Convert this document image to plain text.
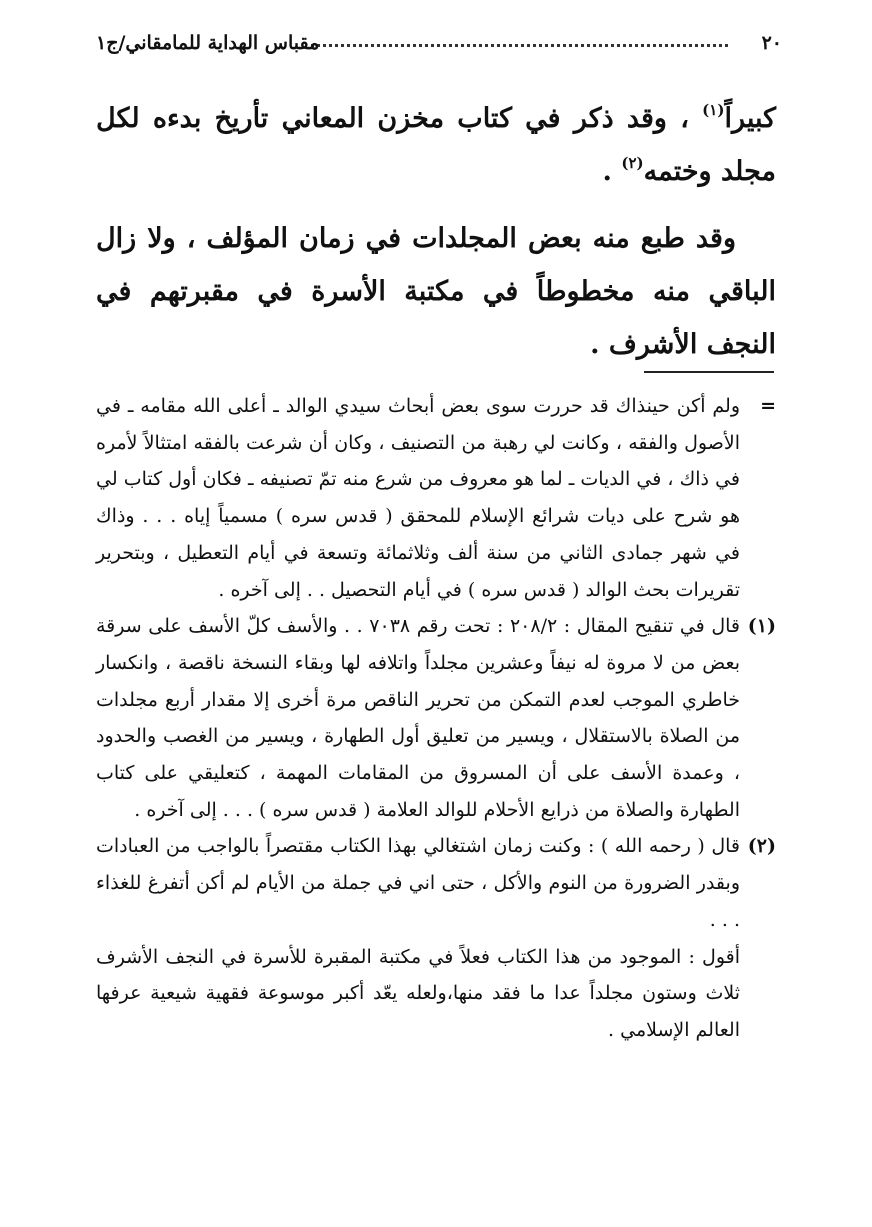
٢٠
مقباس الهداية للمامقاني/ج١

كبيراً$^{(١)}$ ، وقد ذكر في كتاب مخزن المعاني تأريخ بدءه لكل مجلد وختمه$^{(٢)}$ .

وقد طبع منه بعض المجلدات في زمان المؤلف ، ولا زال الباقي منه مخطوطاً في مكتبة الأسرة في مقبرتهم في النجف الأشرف .

=

ولم أكن حينذاك قد حررت سوى بعض أبحاث سيدي الوالد ـ أعلى الله مقامه ـ في الأصول والفقه ، وكانت لي رهبة من التصنيف ، وكان أن شرعت بالفقه امتثالاً لأمره في ذاك ، في الديات ـ لما هو معروف من شرع منه تمّ تصنيفه ـ فكان أول كتاب لي هو شرح على ديات شرائع الإسلام للمحقق ( قدس سره ) مسمياً إياه . . . وذاك في شهر جمادى الثاني من سنة ألف وثلاثمائة وتسعة في أيام التعطيل ، وبتحرير تقريرات بحث الوالد ( قدس سره ) في أيام التحصيل . . إلى آخره .

(١)

قال في تنقيح المقال : ٢٠٨/٢ : تحت رقم ٧٠٣٨ . . والأسف كلّ الأسف على سرقة بعض من لا مروة له نيفاً وعشرين مجلداً واتلافه لها وبقاء النسخة ناقصة ، وانكسار خاطري الموجب لعدم التمكن من تحرير الناقص مرة أخرى إلا مقدار أربع مجلدات من الصلاة بالاستقلال ، ويسير من تعليق أول الطهارة ، ويسير من الغصب والحدود ، وعمدة الأسف على أن المسروق من المقامات المهمة ، كتعليقي على كتاب الطهارة والصلاة من ذرايع الأحلام للوالد العلامة ( قدس سره ) . . . إلى آخره .

(٢)

قال ( رحمه الله ) : وكنت زمان اشتغالي بهذا الكتاب مقتصراً بالواجب من العبادات وبقدر الضرورة من النوم والأكل ، حتى اني في جملة من الأيام لم أكن أتفرغ للغذاء . . .

أقول : الموجود من هذا الكتاب فعلاً في مكتبة المقبرة للأسرة في النجف الأشرف ثلاث وستون مجلداً عدا ما فقد منها،ولعله يعّد أكبر موسوعة فقهية شيعية عرفها العالم الإسلامي .
